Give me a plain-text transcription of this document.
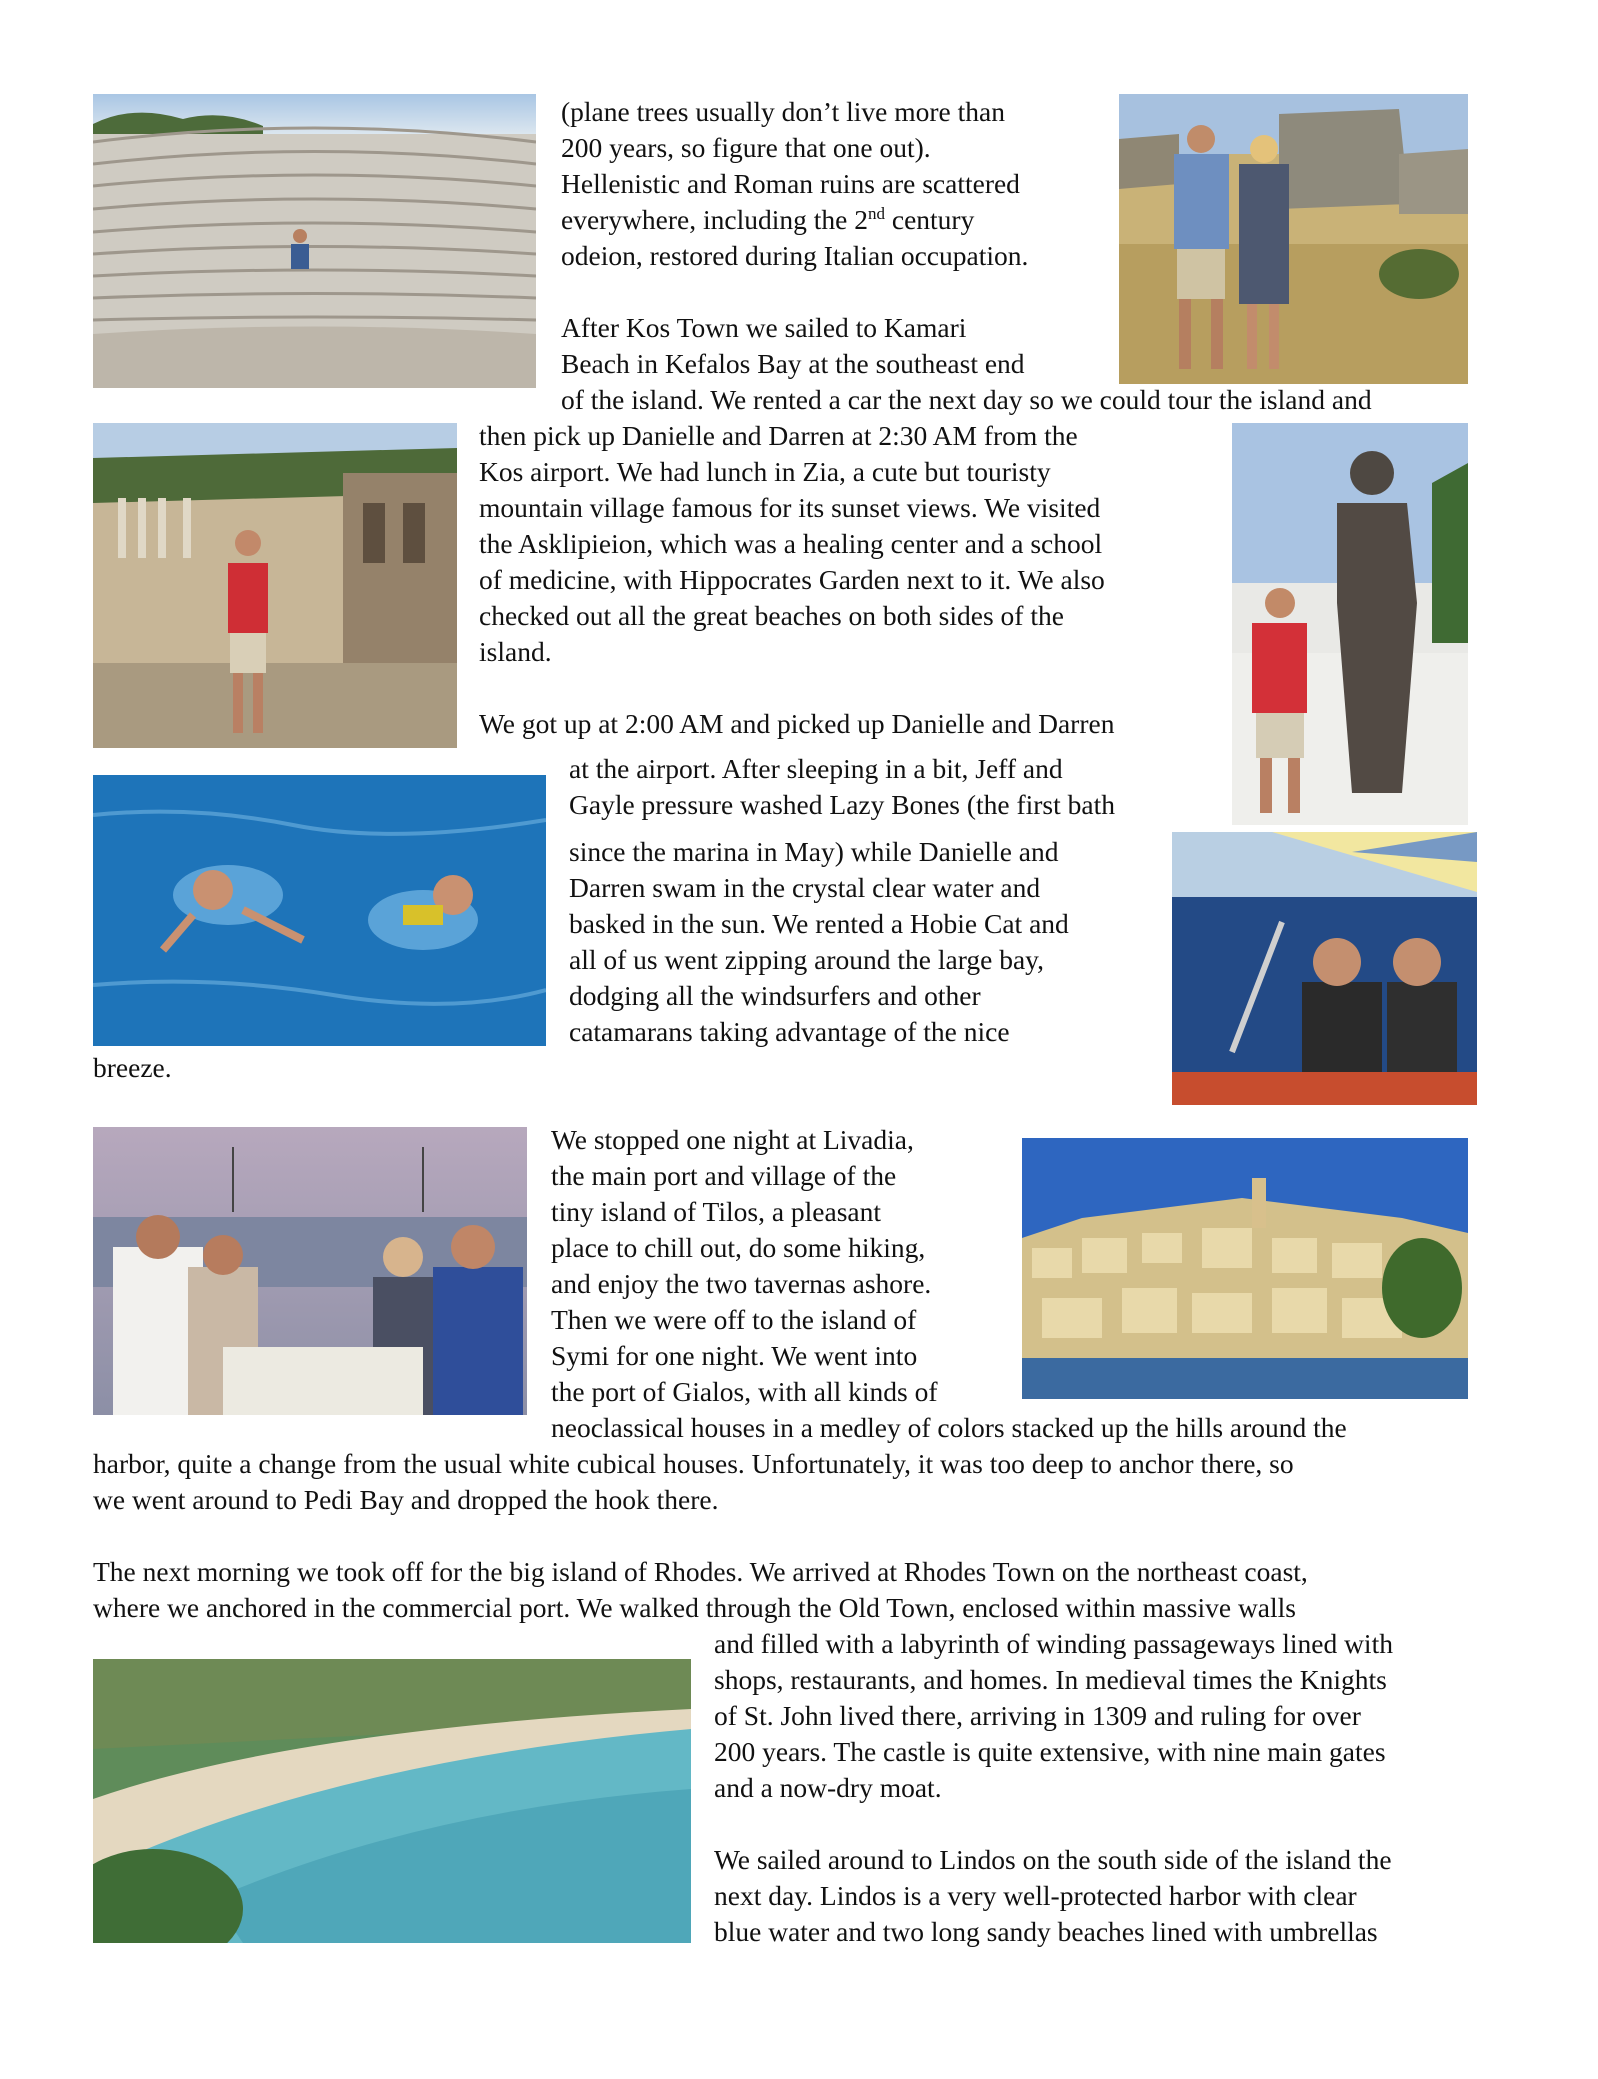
(plane trees usually don’t live more than
200 years, so figure that one out).
Hellenistic and Roman ruins are scattered
everywhere, including the 2nd century
odeion, restored during Italian occupation.
After Kos Town we sailed to Kamari
Beach in Kefalos Bay at the southeast end
of the island. We rented a car the next day so we could tour the island and
then pick up Danielle and Darren at 2:30 AM from the
Kos airport. We had lunch in Zia, a cute but touristy
mountain village famous for its sunset views. We visited
the Asklipieion, which was a healing center and a school
of medicine, with Hippocrates Garden next to it. We also
checked out all the great beaches on both sides of the
island.
We got up at 2:00 AM and picked up Danielle and Darren
at the airport. After sleeping in a bit, Jeff and
Gayle pressure washed Lazy Bones (the first bath
since the marina in May) while Danielle and
Darren swam in the crystal clear water and
basked in the sun. We rented a Hobie Cat and
all of us went zipping around the large bay,
dodging all the windsurfers and other
catamarans taking advantage of the nice
breeze.
We stopped one night at Livadia,
the main port and village of the
tiny island of Tilos, a pleasant
place to chill out, do some hiking,
and enjoy the two tavernas ashore.
Then we were off to the island of
Symi for one night. We went into
the port of Gialos, with all kinds of
neoclassical houses in a medley of colors stacked up the hills around the
harbor, quite a change from the usual white cubical houses. Unfortunately, it was too deep to anchor there, so
we went around to Pedi Bay and dropped the hook there.
The next morning we took off for the big island of Rhodes. We arrived at Rhodes Town on the northeast coast,
where we anchored in the commercial port. We walked through the Old Town, enclosed within massive walls
and filled with a labyrinth of winding passageways lined with
shops, restaurants, and homes. In medieval times the Knights
of St. John lived there, arriving in 1309 and ruling for over
200 years. The castle is quite extensive, with nine main gates
and a now-dry moat.
We sailed around to Lindos on the south side of the island the
next day. Lindos is a very well-protected harbor with clear
blue water and two long sandy beaches lined with umbrellas
